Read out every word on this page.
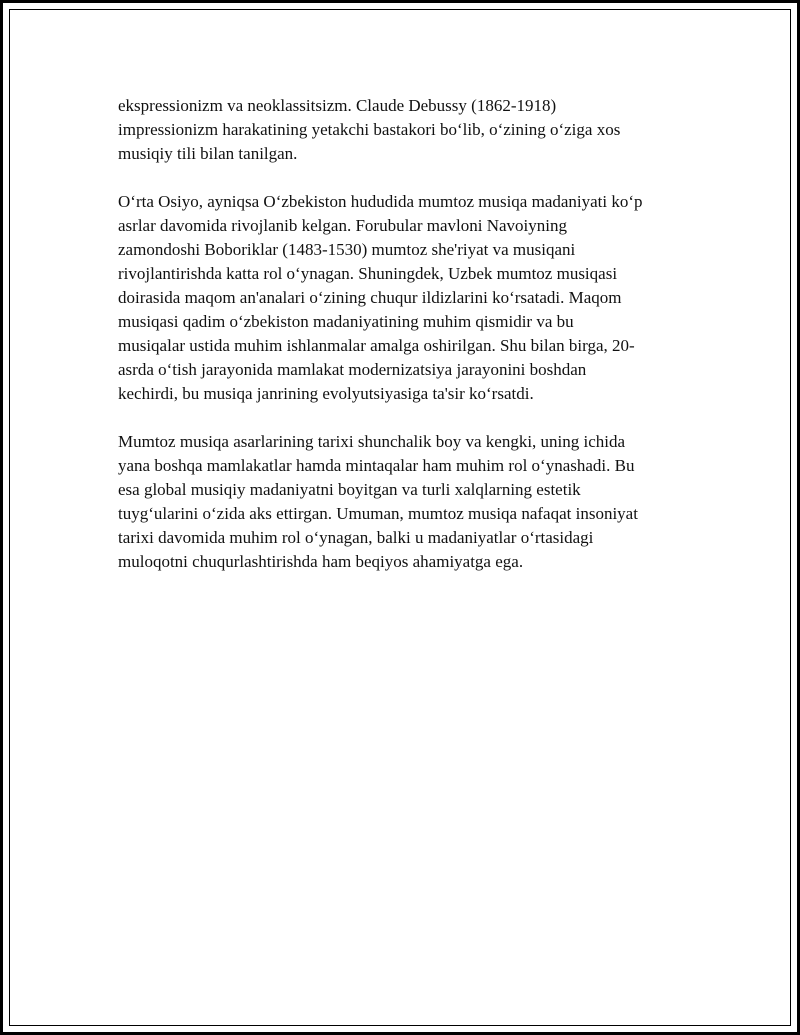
ekspressionizm va neoklassitsizm. Claude Debussy (1862-1918)
impressionizm harakatining yetakchi bastakori bo‘lib, o‘zining o‘ziga xos
musiqiy tili bilan tanilgan.

O‘rta Osiyo, ayniqsa O‘zbekiston hududida mumtoz musiqa madaniyati ko‘p
asrlar davomida rivojlanib kelgan. Forubular mavloni Navoiyning
zamondoshi Boboriklar (1483-1530) mumtoz she'riyat va musiqani
rivojlantirishda katta rol o‘ynagan. Shuningdek, Uzbek mumtoz musiqasi
doirasida maqom an'analari o‘zining chuqur ildizlarini ko‘rsatadi. Maqom
musiqasi qadim o‘zbekiston madaniyatining muhim qismidir va bu
musiqalar ustida muhim ishlanmalar amalga oshirilgan. Shu bilan birga, 20-
asrda o‘tish jarayonida mamlakat modernizatsiya jarayonini boshdan
kechirdi, bu musiqa janrining evolyutsiyasiga ta'sir ko‘rsatdi.

Mumtoz musiqa asarlarining tarixi shunchalik boy va kengki, uning ichida
yana boshqa mamlakatlar hamda mintaqalar ham muhim rol o‘ynashadi. Bu
esa global musiqiy madaniyatni boyitgan va turli xalqlarning estetik
tuyg‘ularini o‘zida aks ettirgan. Umuman, mumtoz musiqa nafaqat insoniyat
tarixi davomida muhim rol o‘ynagan, balki u madaniyatlar o‘rtasidagi
muloqotni chuqurlashtirishda ham beqiyos ahamiyatga ega.
